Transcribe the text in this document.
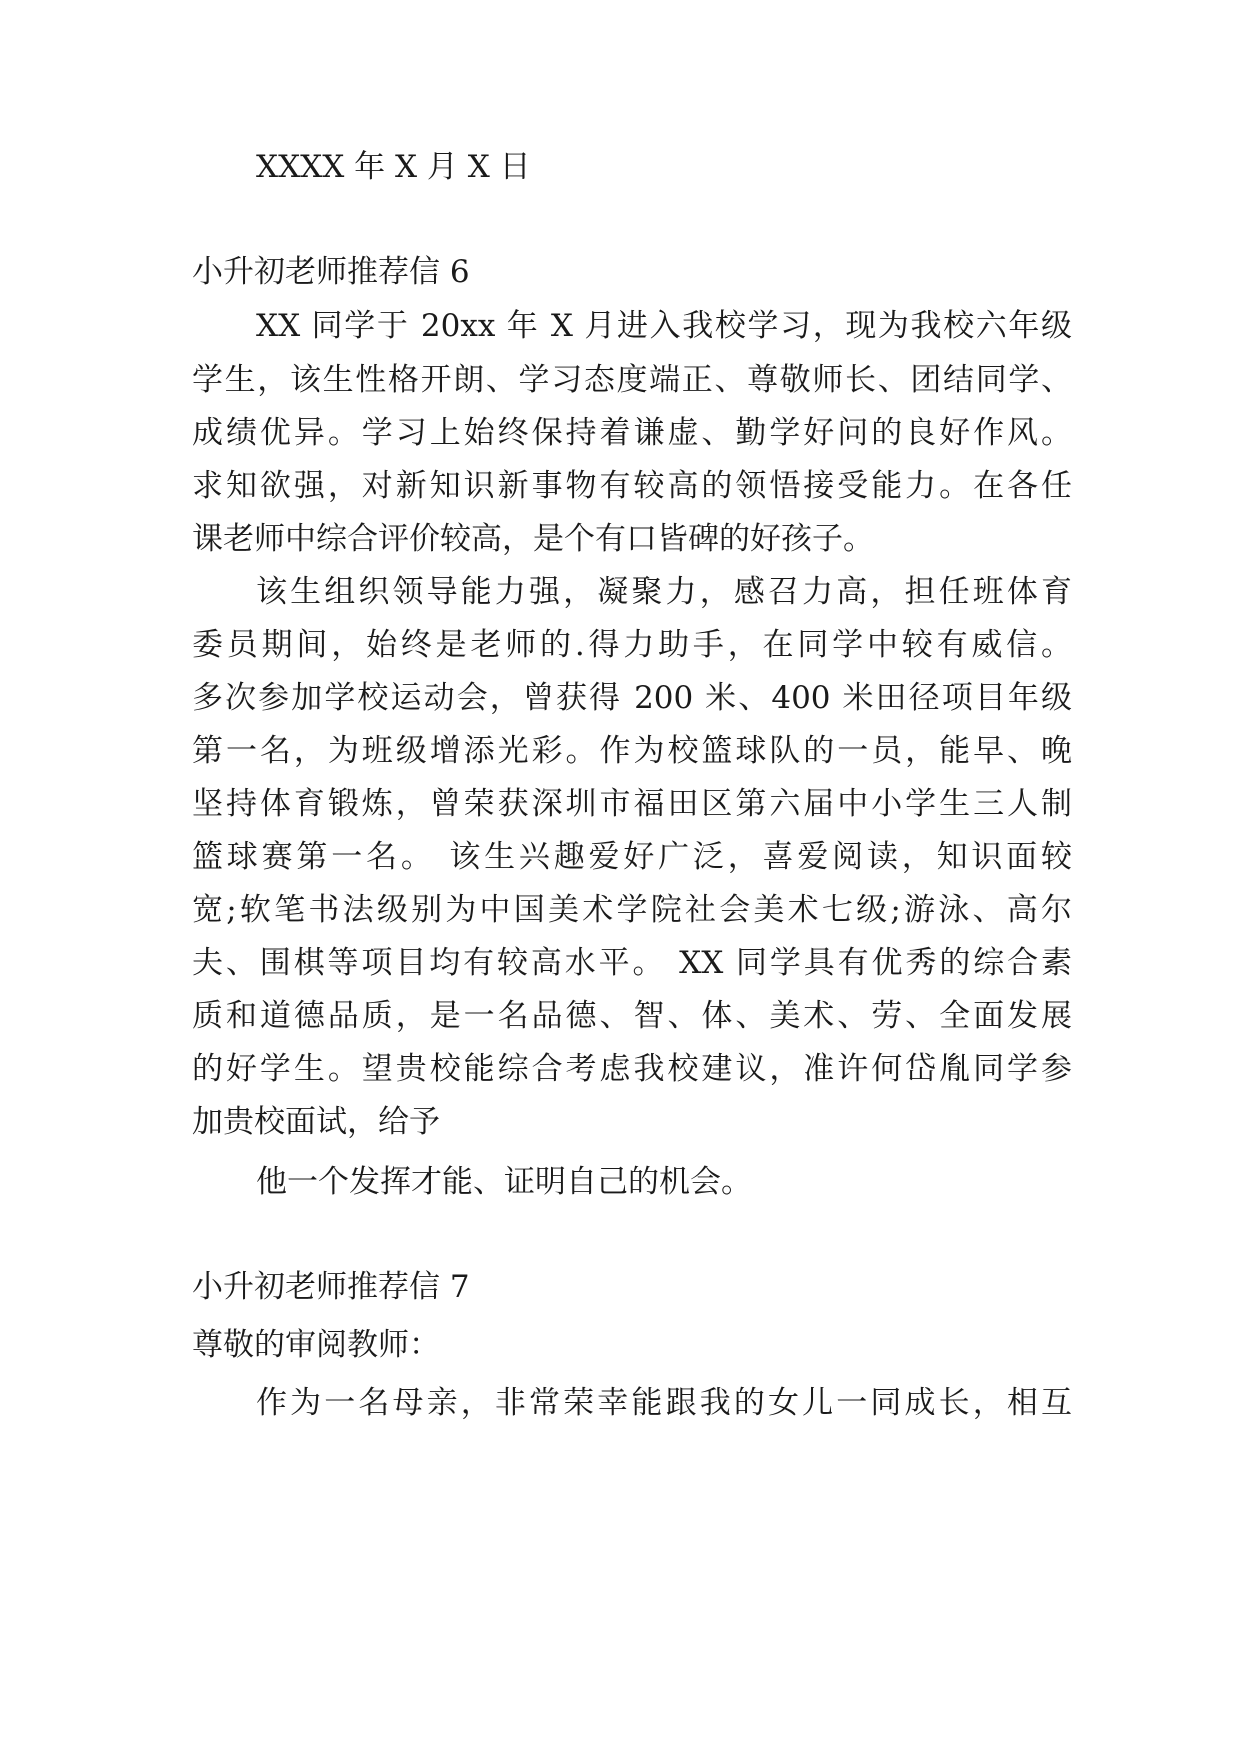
XXXX 年 X 月 X 日
小升初老师推荐信 6
XX 同学于 20xx 年 X 月进入我校学习，现为我校六年级
学生，该生性格开朗、学习态度端正、尊敬师长、团结同学、
成绩优异。学习上始终保持着谦虚、勤学好问的良好作风。
求知欲强，对新知识新事物有较高的领悟接受能力。在各任
课老师中综合评价较高，是个有口皆碑的好孩子。
该生组织领导能力强，凝聚力，感召力高，担任班体育
委员期间，始终是老师的.得力助手，在同学中较有威信。
多次参加学校运动会，曾获得 200 米、400 米田径项目年级
第一名，为班级增添光彩。作为校篮球队的一员，能早、晚
坚持体育锻炼，曾荣获深圳市福田区第六届中小学生三人制
篮球赛第一名。 该生兴趣爱好广泛，喜爱阅读，知识面较
宽;软笔书法级别为中国美术学院社会美术七级;游泳、高尔
夫、围棋等项目均有较高水平。 XX 同学具有优秀的综合素
质和道德品质，是一名品德、智、体、美术、劳、全面发展
的好学生。望贵校能综合考虑我校建议，准许何岱胤同学参
加贵校面试，给予
他一个发挥才能、证明自己的机会。
小升初老师推荐信 7
尊敬的审阅教师：
作为一名母亲，非常荣幸能跟我的女儿一同成长，相互
